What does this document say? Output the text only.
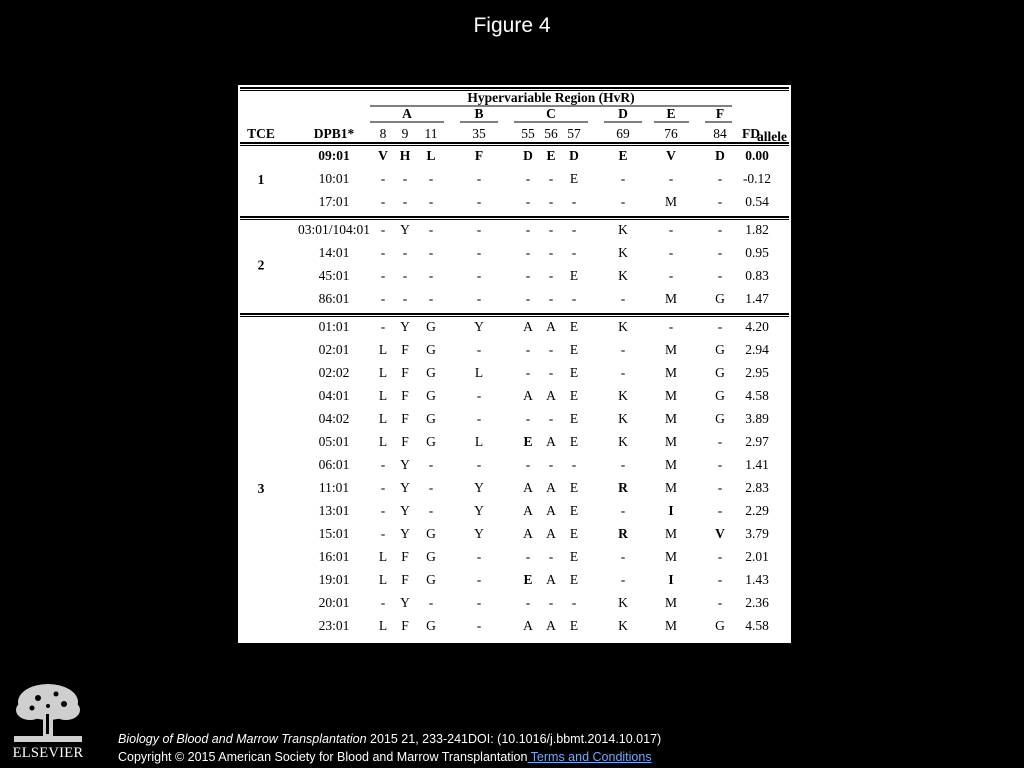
Figure 4
Hypervariable Region (HvR)
A	B	C	D	E	F
8 9 11	35	55 56 57	69	76	84
TCE	DPB1*	FD
allele
09:01 V H L	F	D E D	E	V	D 0.00
10:01 - - -	-	- - E	-	-	- -0.12
17:01 - - -	-	- - -	-	M	- 0.54
1
03:01/104:01 - Y -	-	- - -	K	-	- 1.82
14:01 - - -	-	- - -	K	-	- 0.95
45:01 - - -	-	- - E	K	-	- 0.83
86:01 - - -	-	- - -	-	M	G 1.47
2
01:01 - Y G	Y	A A E	K	-	- 4.20
02:01 L F G	-	- - E	-	M	G 2.94
02:02 L F G	L	- - E	-	M	G 2.95
04:01 L F G	-	A A E	K	M	G 4.58
04:02 L F G	-	- - E	K	M	G 3.89
05:01 L F G	L	E A E	K	M	- 2.97
06:01 - Y -	-	- - -	-	M	- 1.41
11:01 - Y -	Y	A A E	R	M	- 2.83
13:01 - Y -	Y	A A E	-	I	- 2.29
15:01 - Y G	Y	A A E	R	M	V 3.79
16:01 L F G	-	- - E	-	M	- 2.01
19:01 L F G	-	E A E	-	I	- 1.43
20:01 - Y -	-	- - -	K	M	- 2.36
23:01 L F G	-	A A E	K	M	G 4.58
46:01 L F G	-	- - -	-	M	G 3.06
3
ELSEVIER
Biology of Blood and Marrow Transplantation 2015 21, 233-241DOI: (10.1016/j.bbmt.2014.10.017)
Copyright © 2015 American Society for Blood and Marrow Transplantation Terms and Conditions
